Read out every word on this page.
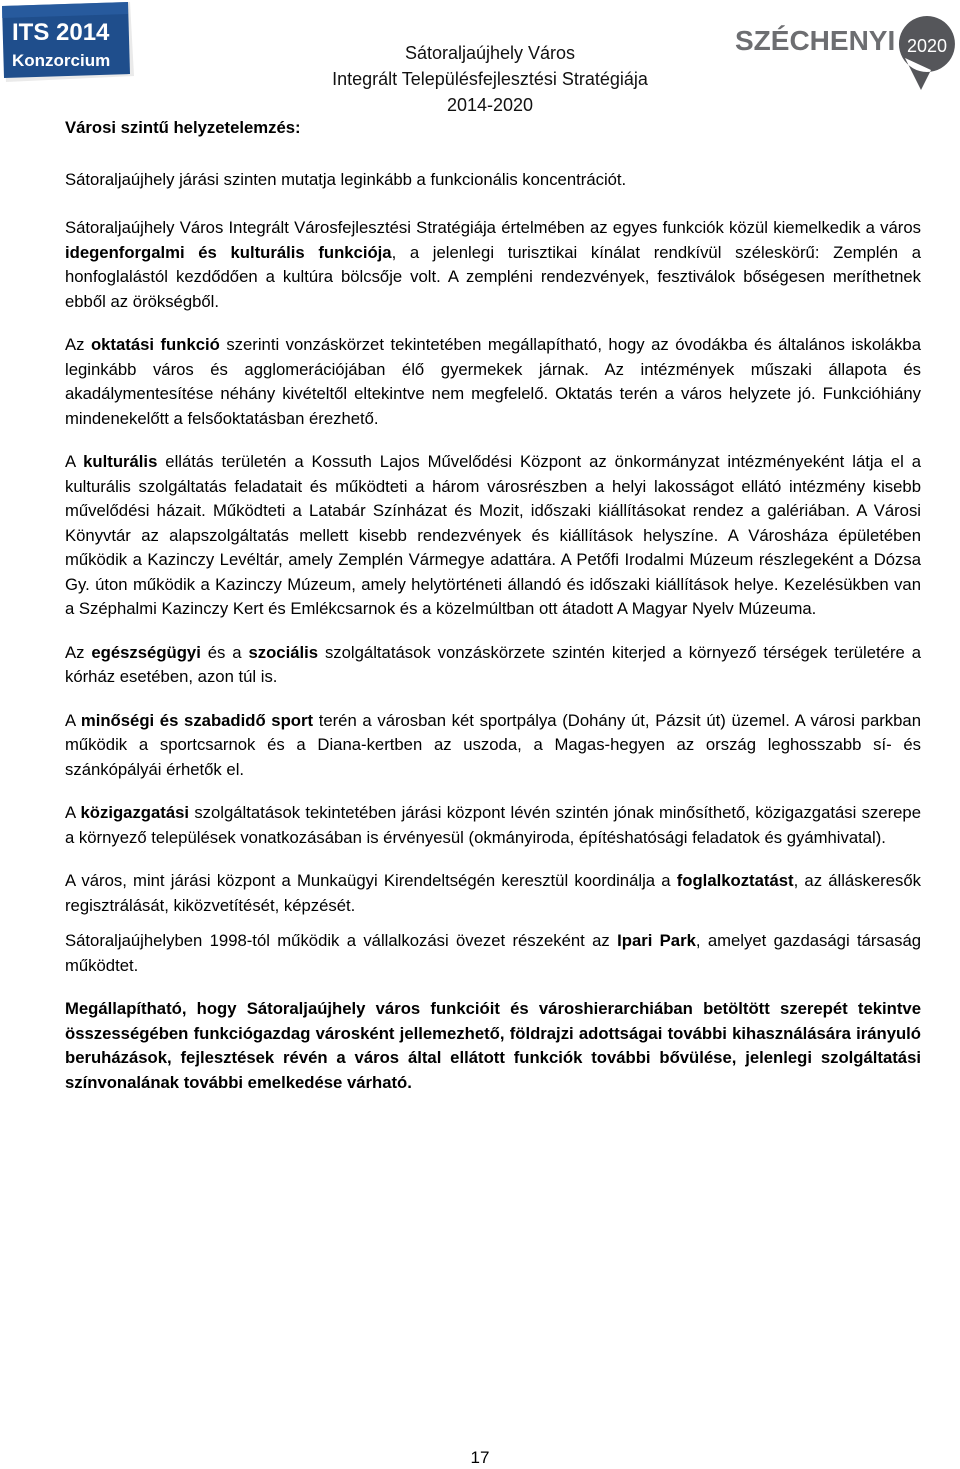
ITS 2014
Konzorcium	Sátoraljaújhely Város
Integrált Településfejlesztési Stratégiája
2014-2020
SZÉCHENYI 2020

Városi szintű helyzetelemzés:

Sátoraljaújhely járási szinten mutatja leginkább a funkcionális koncentrációt.

Sátoraljaújhely Város Integrált Városfejlesztési Stratégiája értelmében az egyes funkciók közül kiemelkedik a város idegenforgalmi és kulturális funkciója, a jelenlegi turisztikai kínálat rendkívül széleskörű: Zemplén a honfoglalástól kezdődően a kultúra bölcsője volt. A zempléni rendezvények, fesztiválok bőségesen meríthetnek ebből az örökségből.

Az oktatási funkció szerinti vonzáskörzet tekintetében megállapítható, hogy az óvodákba és általános iskolákba leginkább város és agglomerációjában élő gyermekek járnak. Az intézmények műszaki állapota és akadálymentesítése néhány kivételtől eltekintve nem megfelelő. Oktatás terén a város helyzete jó. Funkcióhiány mindenekelőtt a felsőoktatásban érezhető.

A kulturális ellátás területén a Kossuth Lajos Művelődési Központ az önkormányzat intézményeként látja el a kulturális szolgáltatás feladatait és működteti a három városrészben a helyi lakosságot ellátó intézmény kisebb művelődési házait. Működteti a Latabár Színházat és Mozit, időszaki kiállításokat rendez a galériában. A Városi Könyvtár az alapszolgáltatás mellett kisebb rendezvények és kiállítások helyszíne. A Városháza épületében működik a Kazinczy Levéltár, amely Zemplén Vármegye adattára. A Petőfi Irodalmi Múzeum részlegeként a Dózsa Gy. úton működik a Kazinczy Múzeum, amely helytörténeti állandó és időszaki kiállítások helye. Kezelésükben van a Széphalmi Kazinczy Kert és Emlékcsarnok és a közelmúltban ott átadott A Magyar Nyelv Múzeuma.

Az egészségügyi és a szociális szolgáltatások vonzáskörzete szintén kiterjed a környező térségek területére a kórház esetében, azon túl is.

A minőségi és szabadidő sport terén a városban két sportpálya (Dohány út, Pázsit út) üzemel. A városi parkban működik a sportcsarnok és a Diana-kertben az uszoda, a Magas-hegyen az ország leghosszabb sí- és szánkópályái érhetők el.

A közigazgatási szolgáltatások tekintetében járási központ lévén szintén jónak minősíthető, közigazgatási szerepe a környező települések vonatkozásában is érvényesül (okmányiroda, építéshatósági feladatok és gyámhivatal).

A város, mint járási központ a Munkaügyi Kirendeltségén keresztül koordinálja a foglalkoztatást, az álláskeresők regisztrálását, kiközvetítését, képzését.

Sátoraljaújhelyben 1998-tól működik a vállalkozási övezet részeként az Ipari Park, amelyet gazdasági társaság működtet.

Megállapítható, hogy Sátoraljaújhely város funkcióit és városhierarchiában betöltött szerepét tekintve összességében funkciógazdag városként jellemezhető, földrajzi adottságai további kihasználására irányuló beruházások, fejlesztések révén a város által ellátott funkciók további bővülése, jelenlegi szolgáltatási színvonalának további emelkedése várható.

17
